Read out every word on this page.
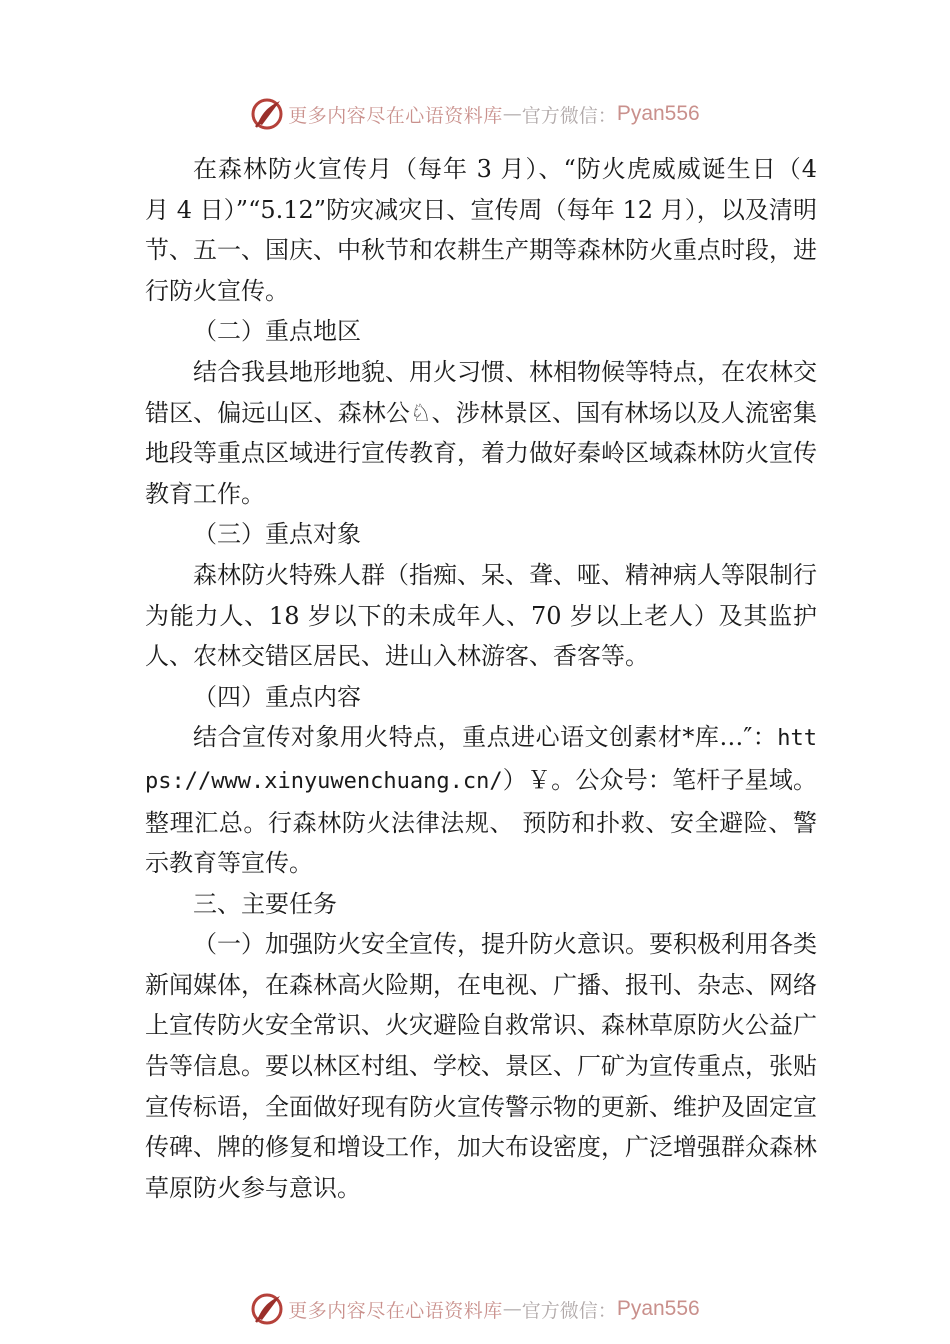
更多内容尽在心语资料库 — 官方微信： Pyan556

在森林防火宣传月（每年 3 月）、“防火虎威威诞生日（4 月 4 日）”“5.12”防灾减灾日、宣传周（每年 12 月），以及清明节、五一、国庆、中秋节和农耕生产期等森林防火重点时段，进行防火宣传。

（二）重点地区

结合我县地形地貌、用火习惯、林相物候等特点，在农林交错区、偏远山区、森林公♘、涉林景区、国有林场以及人流密集地段等重点区域进行宣传教育，着力做好秦岭区域森林防火宣传教育工作。

（三）重点对象

森林防火特殊人群（指痴、呆、聋、哑、精神病人等限制行为能力人、18 岁以下的未成年人、70 岁以上老人）及其监护人、农林交错区居民、进山入林游客、香客等。

（四）重点内容

结合宣传对象用火特点，重点进心语文创素材*库…″：https://www.xinyuwenchuang.cn/）￥。公众号：笔杆子星域。整理汇总。行森林防火法律法规、 预防和扑救、安全避险、警示教育等宣传。

三、主要任务

（一）加强防火安全宣传，提升防火意识。要积极利用各类新闻媒体，在森林高火险期，在电视、广播、报刊、杂志、网络上宣传防火安全常识、火灾避险自救常识、森林草原防火公益广告等信息。要以林区村组、学校、景区、厂矿为宣传重点，张贴宣传标语，全面做好现有防火宣传警示物的更新、维护及固定宣传碑、牌的修复和增设工作，加大布设密度，广泛增强群众森林草原防火参与意识。

更多内容尽在心语资料库 — 官方微信： Pyan556
